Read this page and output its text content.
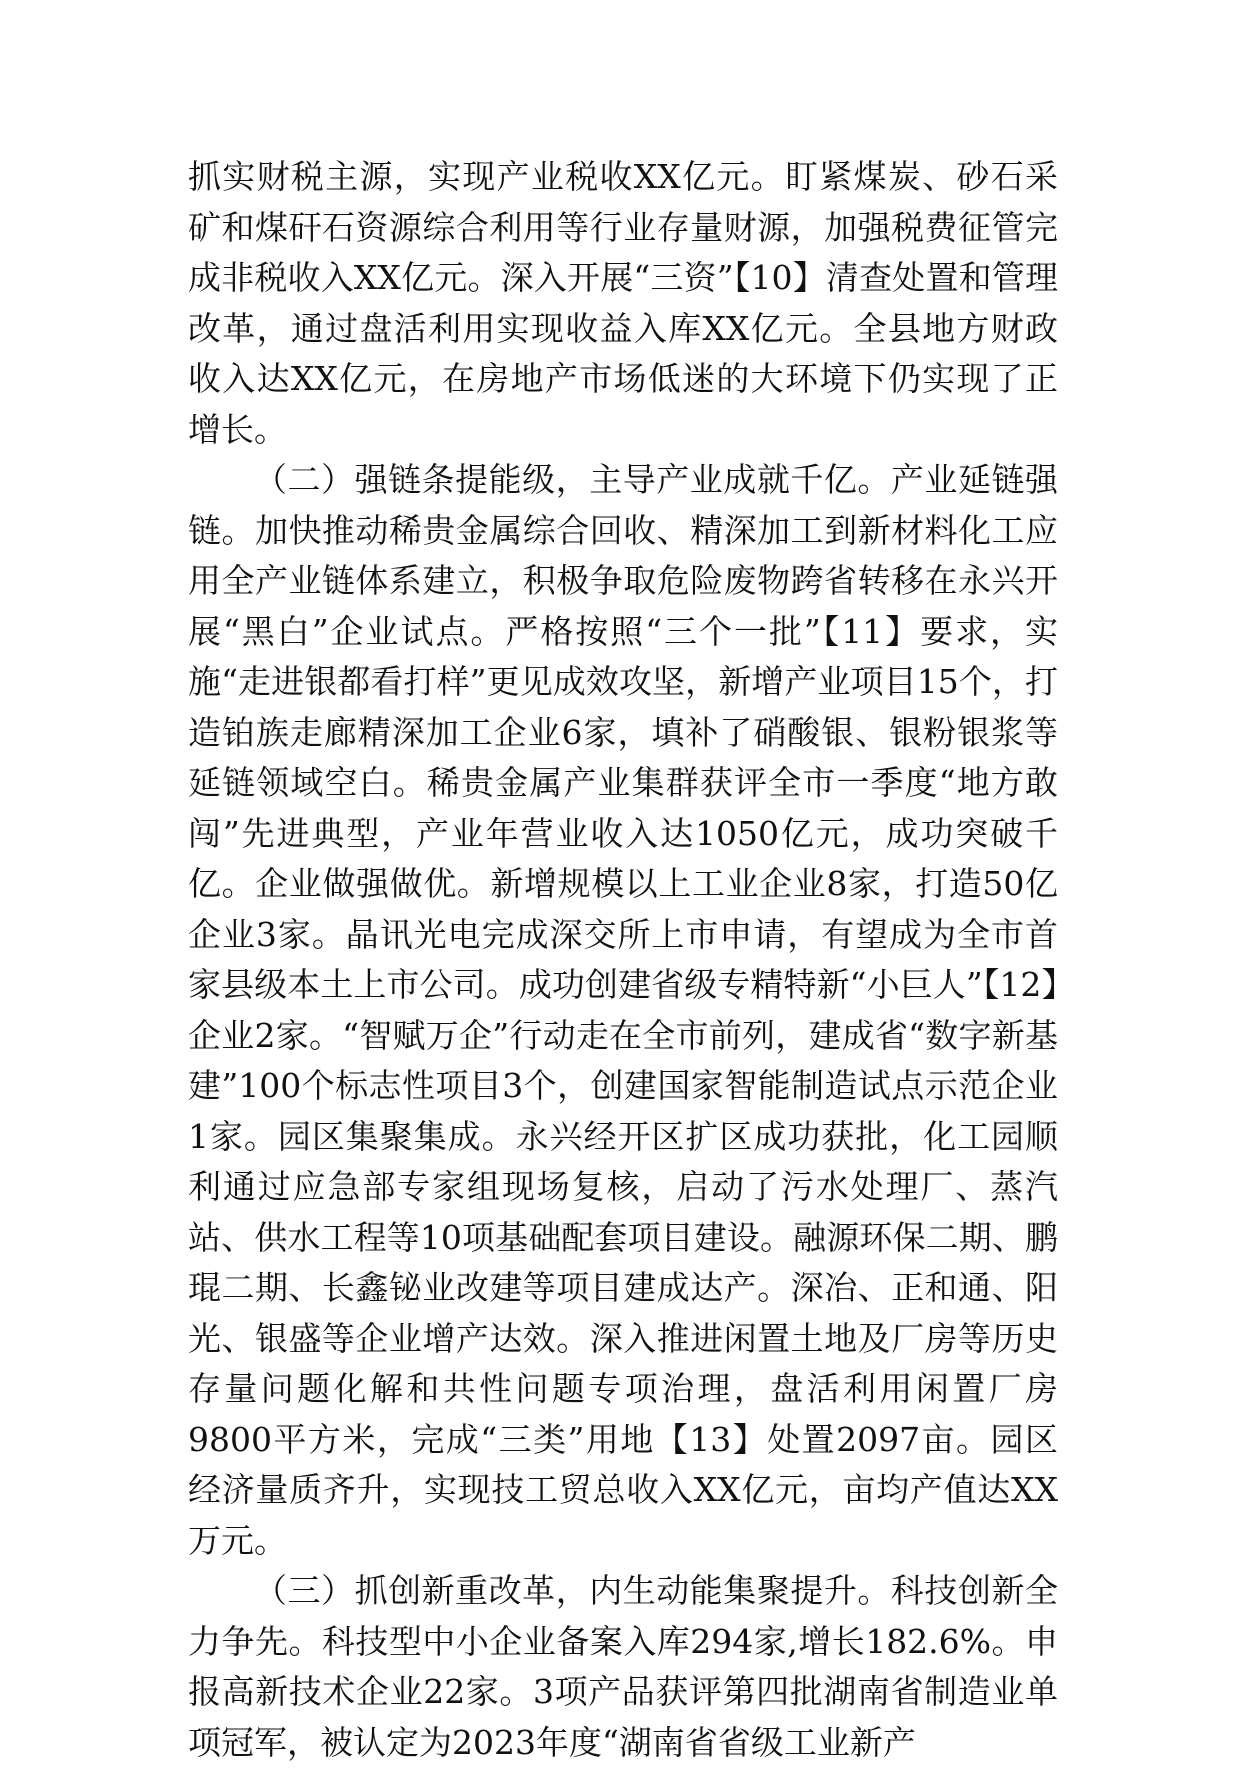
抓实财税主源，实现产业税收XX亿元。盯紧煤炭、砂石采矿和煤矸石资源综合利用等行业存量财源，加强税费征管完成非税收入XX亿元。深入开展“三资”【10】清查处置和管理改革，通过盘活利用实现收益入库XX亿元。全县地方财政收入达XX亿元，在房地产市场低迷的大环境下仍实现了正增长。

（二）强链条提能级，主导产业成就千亿。产业延链强链。加快推动稀贵金属综合回收、精深加工到新材料化工应用全产业链体系建立，积极争取危险废物跨省转移在永兴开展“黑白”企业试点。严格按照“三个一批”【11】要求，实施“走进银都看打样”更见成效攻坚，新增产业项目15个，打造铂族走廊精深加工企业6家，填补了硝酸银、银粉银浆等延链领域空白。稀贵金属产业集群获评全市一季度“地方敢闯”先进典型，产业年营业收入达1050亿元，成功突破千亿。企业做强做优。新增规模以上工业企业8家，打造50亿企业3家。晶讯光电完成深交所上市申请，有望成为全市首家县级本土上市公司。成功创建省级专精特新“小巨人”【12】企业2家。“智赋万企”行动走在全市前列，建成省“数字新基建”100个标志性项目3个，创建国家智能制造试点示范企业1家。园区集聚集成。永兴经开区扩区成功获批，化工园顺利通过应急部专家组现场复核，启动了污水处理厂、蒸汽站、供水工程等10项基础配套项目建设。融源环保二期、鹏琨二期、长鑫铋业改建等项目建成达产。深冶、正和通、阳光、银盛等企业增产达效。深入推进闲置土地及厂房等历史存量问题化解和共性问题专项治理，盘活利用闲置厂房9800平方米，完成“三类”用地【13】处置2097亩。园区经济量质齐升，实现技工贸总收入XX亿元，亩均产值达XX万元。

（三）抓创新重改革，内生动能集聚提升。科技创新全力争先。科技型中小企业备案入库294家,增长182.6%。申报高新技术企业22家。3项产品获评第四批湖南省制造业单项冠军，被认定为2023年度“湖南省省级工业新产
